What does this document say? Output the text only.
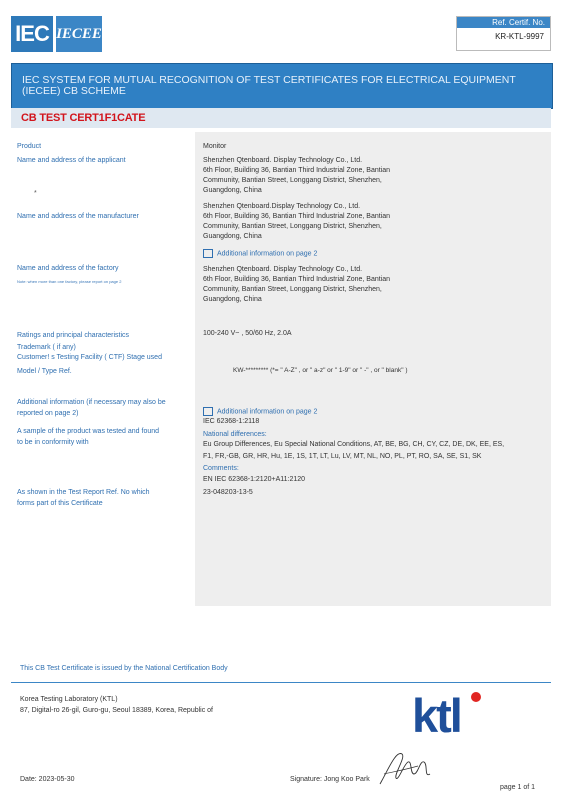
IEC IECEE
Ref. Certif. No.
KR-KTL-9997
IEC SYSTEM FOR MUTUAL RECOGNITION OF TEST CERTIFICATES FOR ELECTRICAL EQUIPMENT
(IECEE) CB SCHEME
CB TEST CERT1F1CATE
Product
Name and address of the applicant
*
Name and address of the manufacturer
Name and address of the factory
Note: when more than one factory, please report on page 2
Ratings and principal characteristics
Trademark ( if any)
Customer! s Testing Facility ( CTF) Stage used
Model / Type Ref.
Additional information (if necessary may also be
reported on page 2)
A sample of the product was tested and found
to be in conformity with
As shown in the Test Report Ref. No which
forms part of this Certificate
Monitor
Shenzhen Qtenboard. Display Technology Co., Ltd.
6th Floor, Building 36, Bantian Third Industrial Zone, Bantian
Community, Bantian Street, Longgang District, Shenzhen,
Guangdong, China
Shenzhen Qtenboard.Display Technology Co., Ltd.
6th Floor, Building 36, Bantian Third Industrial Zone, Bantian
Community, Bantian Street, Longgang District, Shenzhen,
Guangdong, China
Additional information on page 2
Shenzhen Qtenboard. Display Technology Co., Ltd.
6th Floor, Building 36, Bantian Third Industrial Zone, Bantian
Community, Bantian Street, Longgang District, Shenzhen,
Guangdong, China
100-240 V~ , 50/60 Hz, 2.0A
KW-********* (*= " A-Z" , or " a-z" or " 1-9" or " -" , or " blank" )
Additional information on page 2
IEC 62368-1:2118
National differences:
Eu Group Differences, Eu Special National Conditions, AT, BE, BG, CH, CY, CZ, DE, DK, EE, ES,
F1, FR,-GB, GR, HR, Hu, 1E, 1S, 1T, LT, Lu, LV, MT, NL, NO, PL, PT, RO, SA, SE, S1, SK
Comments:
EN IEC 62368-1:2120+A11:2120
23-048203-13-5
This CB Test Certificate is issued by the National Certification Body
Korea Testing Laboratory (KTL)
87, Digital-ro 26-gil, Guro-gu, Seoul 18389, Korea, Republic of	ktl
Date: 2023-05-30	Signature: Jong Koo Park
page 1 of 1
